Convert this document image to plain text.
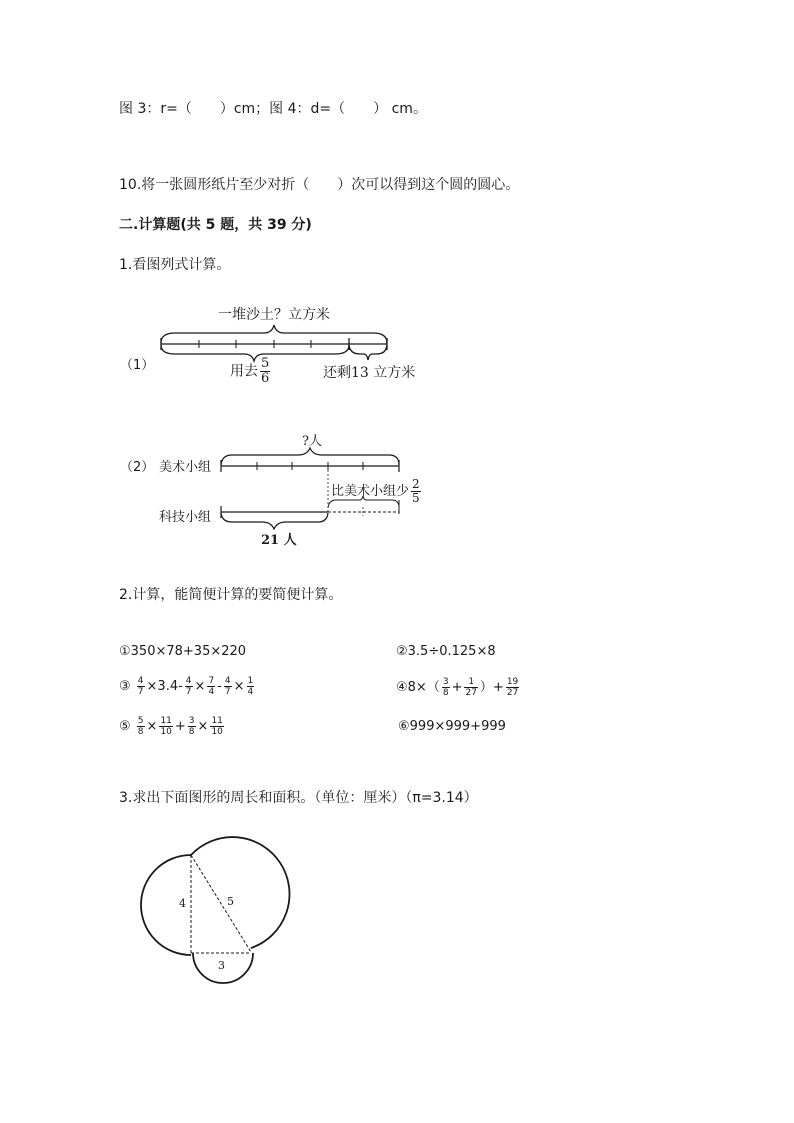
图 3：r=（　　）cm；图 4：d=（　　） cm。
10.将一张圆形纸片至少对折（　　）次可以得到这个圆的圆心。
二.计算题(共 5 题，共 39 分)
1.看图列式计算。
（1）
一堆沙土？立方米
用去 $\frac{5}{6}$	还剩13 立方米
（2） 美术小组
科技小组
?人
比美术小组少 $\frac{2}{5}$
21 人
2.计算，能简便计算的要简便计算。
①350×78+35×220	②3.5÷0.125×8
③ $\frac{4}{7} \times 3.4- \frac{4}{7} \times \frac{7}{4} - \frac{4}{7} \times \frac{1}{4}$	④8×（ $\frac{3}{8} + \frac{1}{27}$ ）+ $\frac{19}{27}$
⑤ $\frac{5}{8} \times \frac{11}{10} + \frac{3}{8} \times \frac{11}{10}$	⑥999×999+999
3.求出下面图形的周长和面积。（单位：厘米）（π=3.14）
4	5
3
